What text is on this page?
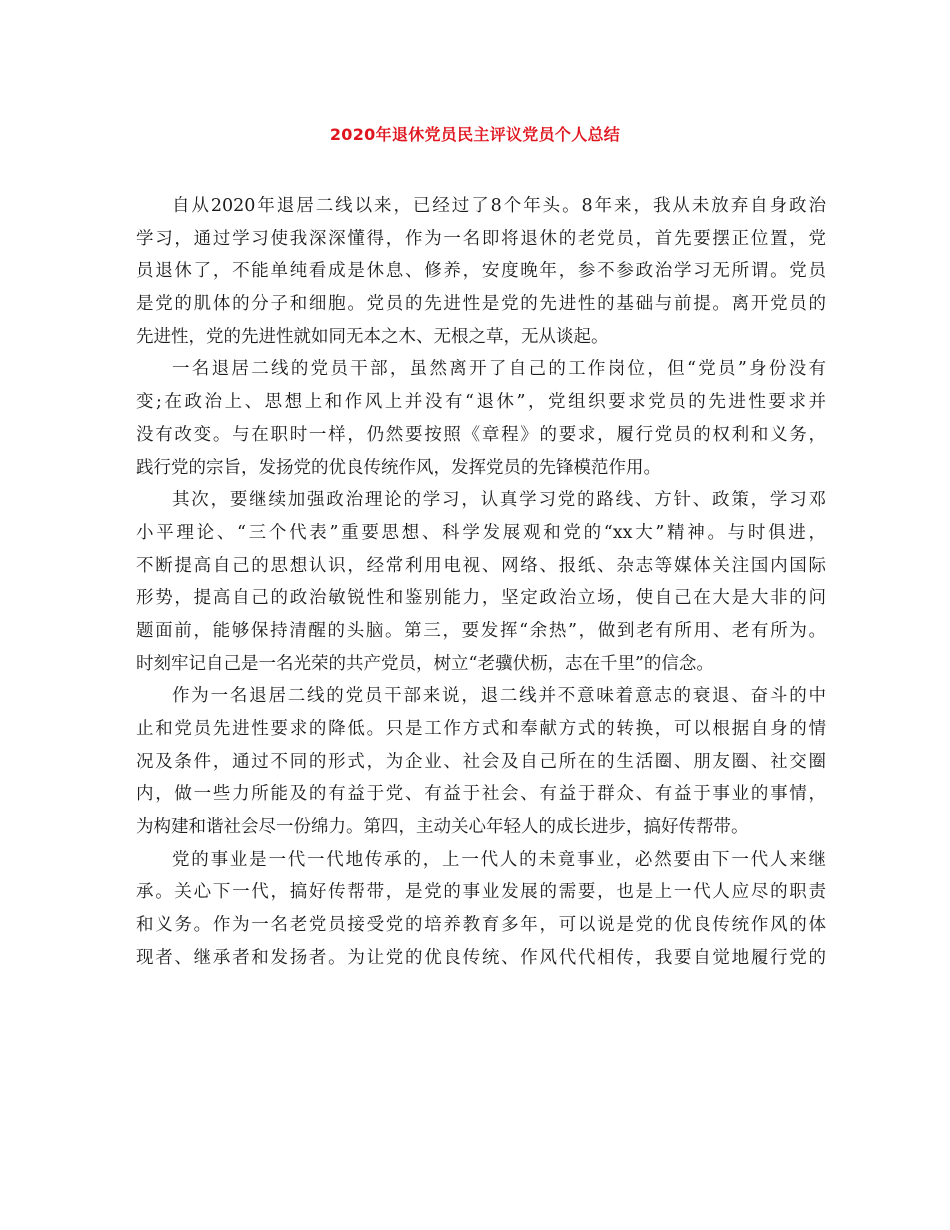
2020年退休党员民主评议党员个人总结
自从2020年退居二线以来，已经过了8个年头。8年来，我从未放弃自身政治
学习，通过学习使我深深懂得，作为一名即将退休的老党员，首先要摆正位置，党
员退休了，不能单纯看成是休息、修养，安度晚年，参不参政治学习无所谓。党员
是党的肌体的分子和细胞。党员的先进性是党的先进性的基础与前提。离开党员的
先进性，党的先进性就如同无本之木、无根之草，无从谈起。
一名退居二线的党员干部，虽然离开了自己的工作岗位，但“党员”身份没有
变;在政治上、思想上和作风上并没有“退休”，党组织要求党员的先进性要求并
没有改变。与在职时一样，仍然要按照《章程》的要求，履行党员的权利和义务，
践行党的宗旨，发扬党的优良传统作风，发挥党员的先锋模范作用。
其次，要继续加强政治理论的学习，认真学习党的路线、方针、政策，学习邓
小平理论、“三个代表”重要思想、科学发展观和党的“xx大”精神。与时俱进，
不断提高自己的思想认识，经常利用电视、网络、报纸、杂志等媒体关注国内国际
形势，提高自己的政治敏锐性和鉴别能力，坚定政治立场，使自己在大是大非的问
题面前，能够保持清醒的头脑。第三，要发挥“余热”，做到老有所用、老有所为。
时刻牢记自己是一名光荣的共产党员，树立“老骥伏枥，志在千里”的信念。
作为一名退居二线的党员干部来说，退二线并不意味着意志的衰退、奋斗的中
止和党员先进性要求的降低。只是工作方式和奉献方式的转换，可以根据自身的情
况及条件，通过不同的形式，为企业、社会及自己所在的生活圈、朋友圈、社交圈
内，做一些力所能及的有益于党、有益于社会、有益于群众、有益于事业的事情，
为构建和谐社会尽一份绵力。第四，主动关心年轻人的成长进步，搞好传帮带。
党的事业是一代一代地传承的，上一代人的未竟事业，必然要由下一代人来继
承。关心下一代，搞好传帮带，是党的事业发展的需要，也是上一代人应尽的职责
和义务。作为一名老党员接受党的培养教育多年，可以说是党的优良传统作风的体
现者、继承者和发扬者。为让党的优良传统、作风代代相传，我要自觉地履行党的
